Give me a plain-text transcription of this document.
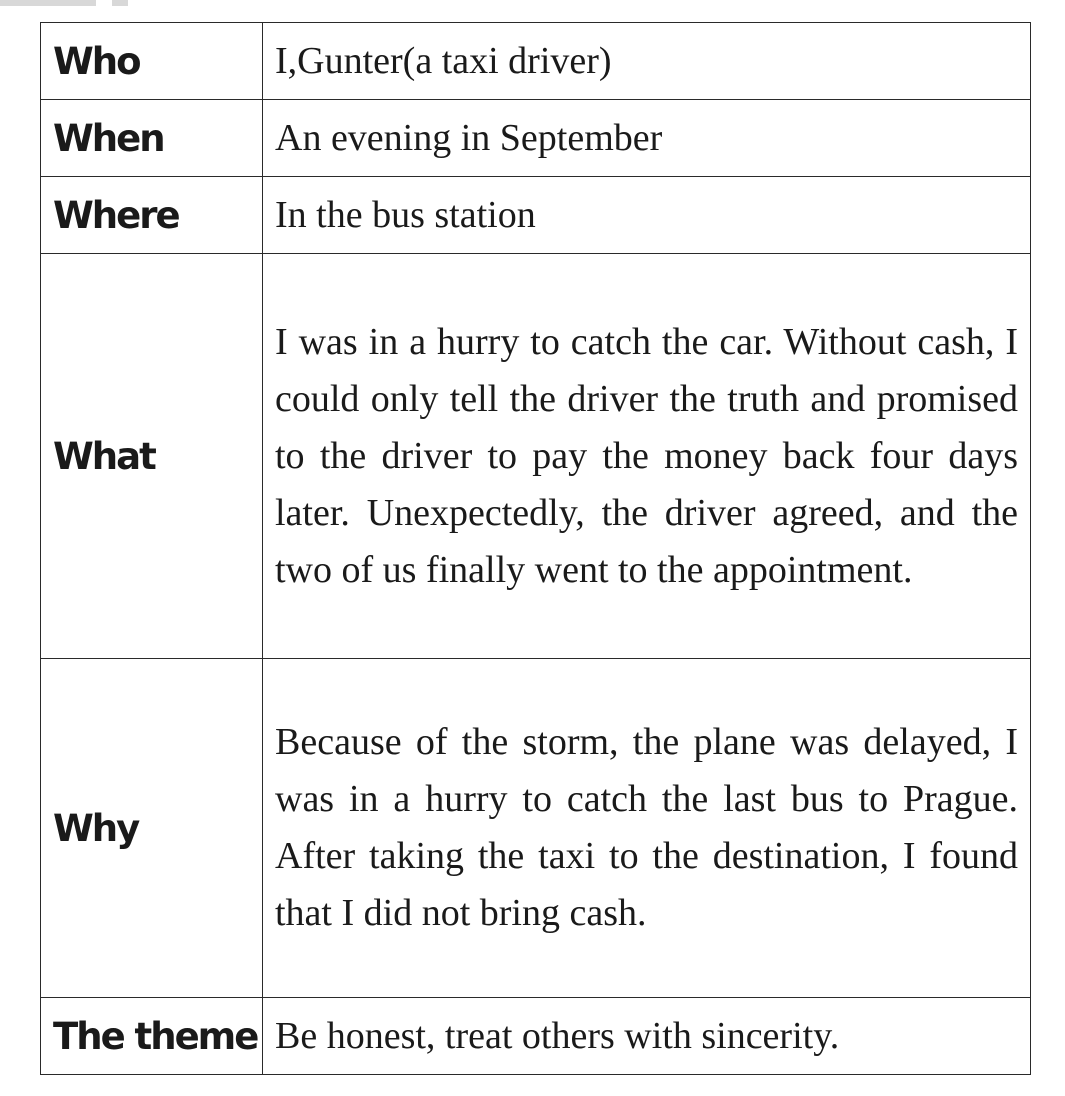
Who	I,Gunter(a taxi driver)
When	An evening in September
Where	In the bus station
What	I was in a hurry to catch the car. Without cash, I could only tell the driver the truth and promised to the driver to pay the money back four days later. Unexpectedly, the driver agreed, and the two of us finally went to the appointment.
Why	Because of the storm, the plane was delayed, I was in a hurry to catch the last bus to Prague. After taking the taxi to the destination, I found that I did not bring cash.
The theme	Be honest, treat others with sincerity.
